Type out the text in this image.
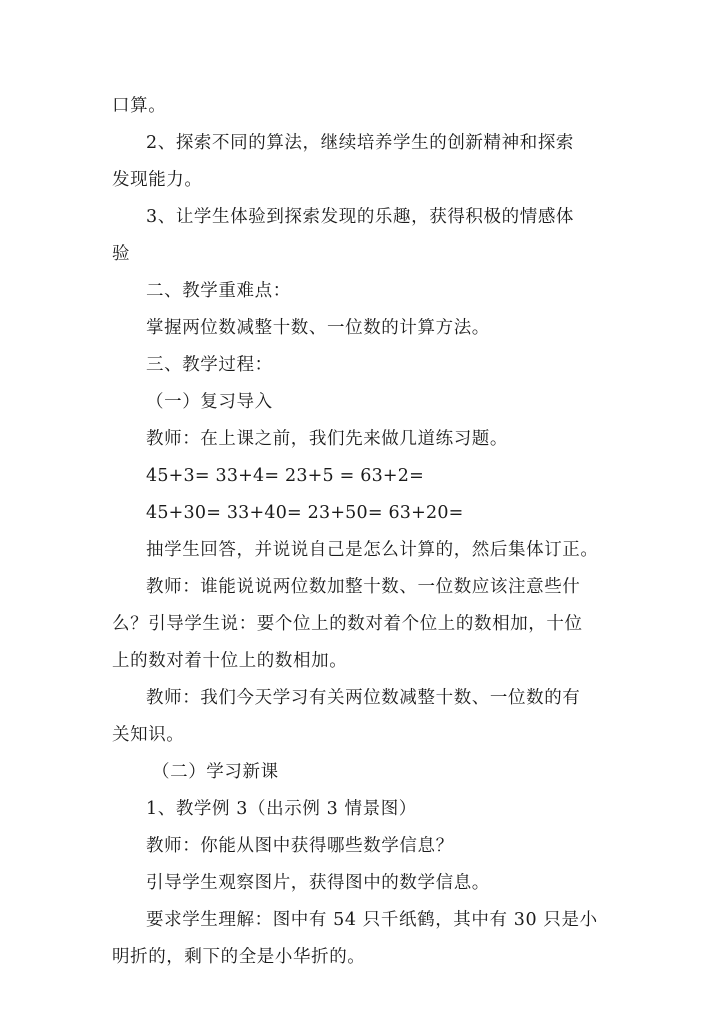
口算。
2、探索不同的算法，继续培养学生的创新精神和探索
发现能力。
3、让学生体验到探索发现的乐趣，获得积极的情感体
验
二、教学重难点：
掌握两位数减整十数、一位数的计算方法。
三、教学过程：
（一）复习导入
教师：在上课之前，我们先来做几道练习题。
45+3= 33+4= 23+5 = 63+2=
45+30= 33+40= 23+50= 63+20=
抽学生回答，并说说自己是怎么计算的，然后集体订正。
教师：谁能说说两位数加整十数、一位数应该注意些什
么？引导学生说：要个位上的数对着个位上的数相加，十位
上的数对着十位上的数相加。
教师：我们今天学习有关两位数减整十数、一位数的有
关知识。
（二）学习新课
1、教学例 3（出示例 3 情景图）
教师：你能从图中获得哪些数学信息？
引导学生观察图片，获得图中的数学信息。
要求学生理解：图中有 54 只千纸鹤，其中有 30 只是小
明折的，剩下的全是小华折的。
